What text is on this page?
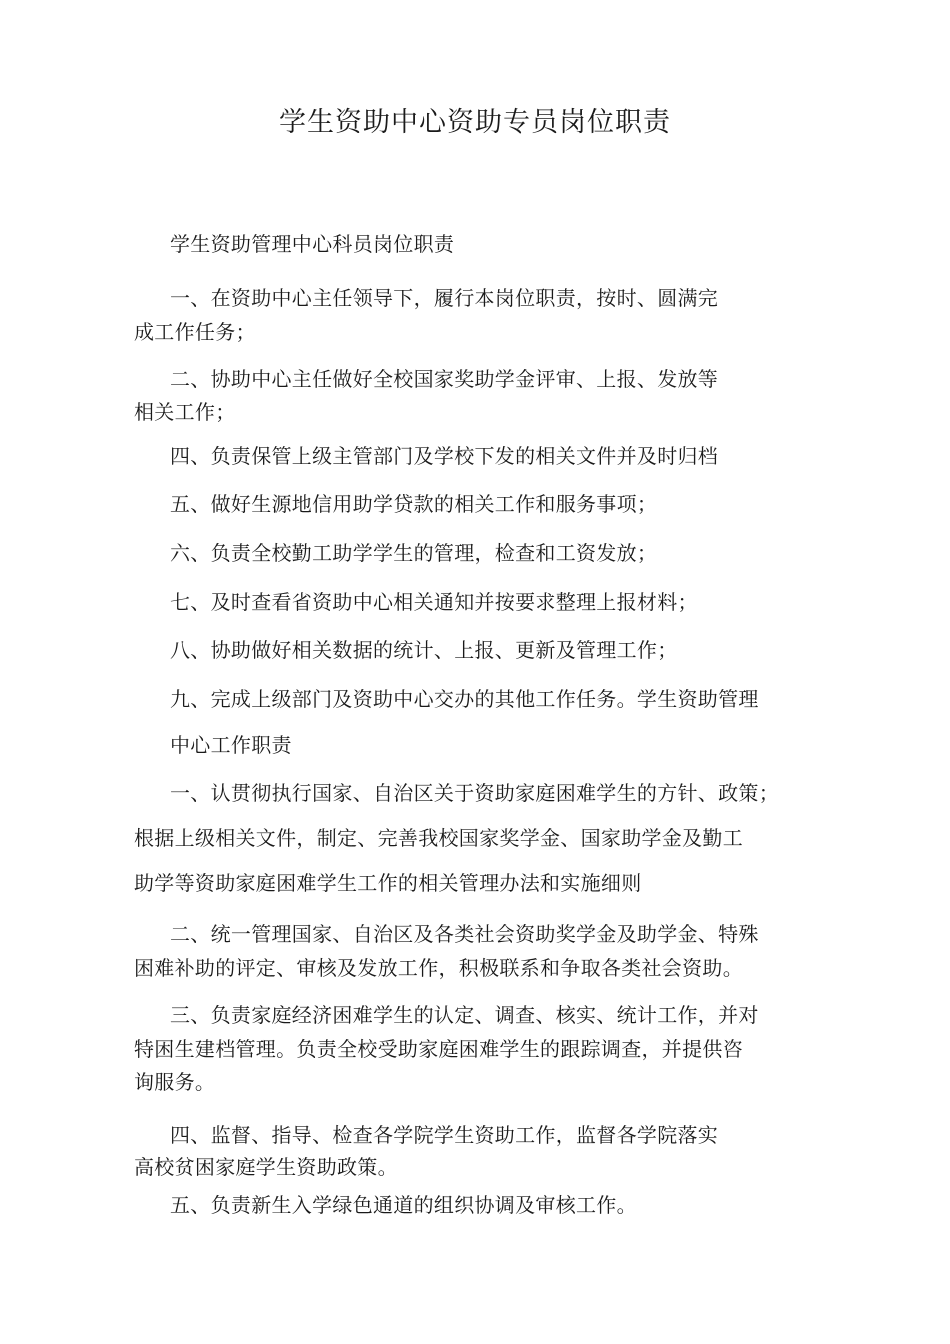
学生资助中心资助专员岗位职责
学生资助管理中心科员岗位职责
一、在资助中心主任领导下，履行本岗位职责，按时、圆满完
成工作任务；
二、协助中心主任做好全校国家奖助学金评审、上报、发放等
相关工作；
四、负责保管上级主管部门及学校下发的相关文件并及时归档
五、做好生源地信用助学贷款的相关工作和服务事项；
六、负责全校勤工助学学生的管理，检查和工资发放；
七、及时查看省资助中心相关通知并按要求整理上报材料；
八、协助做好相关数据的统计、上报、更新及管理工作；
九、完成上级部门及资助中心交办的其他工作任务。学生资助管理
中心工作职责
一、认贯彻执行国家、自治区关于资助家庭困难学生的方针、政策；
根据上级相关文件，制定、完善我校国家奖学金、国家助学金及勤工
助学等资助家庭困难学生工作的相关管理办法和实施细则
二、统一管理国家、自治区及各类社会资助奖学金及助学金、特殊
困难补助的评定、审核及发放工作，积极联系和争取各类社会资助。
三、负责家庭经济困难学生的认定、调查、核实、统计工作，并对
特困生建档管理。负责全校受助家庭困难学生的跟踪调查，并提供咨
询服务。
四、监督、指导、检查各学院学生资助工作，监督各学院落实
高校贫困家庭学生资助政策。
五、负责新生入学绿色通道的组织协调及审核工作。
